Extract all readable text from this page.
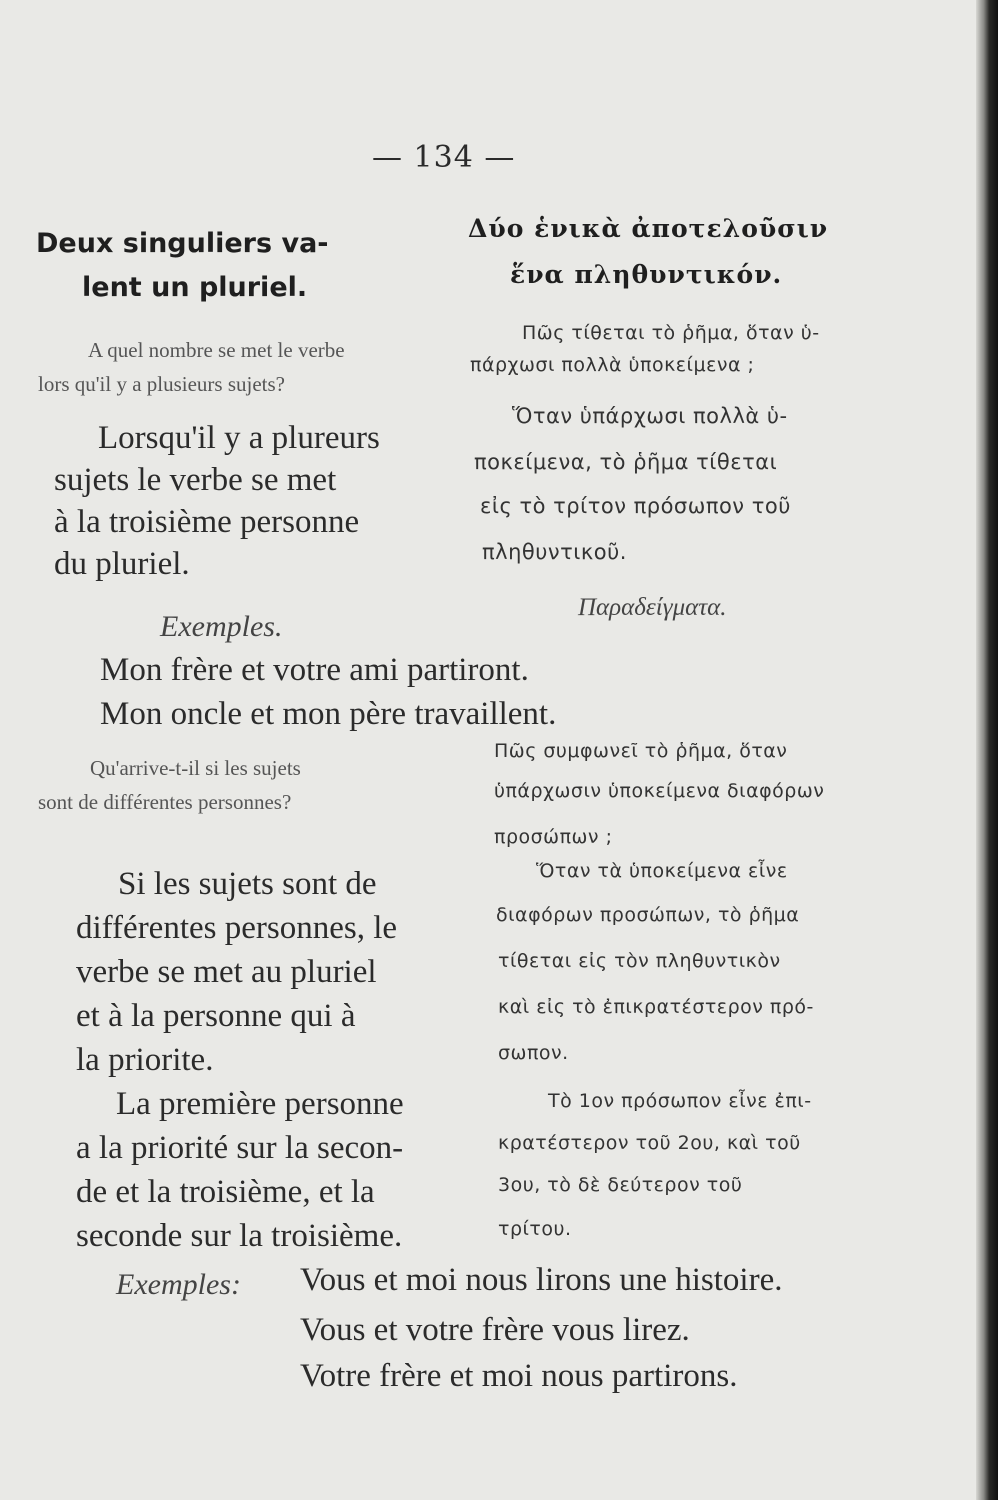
— 134 —
Deux singuliers va-
lent un pluriel.
Δύο ἑνικὰ ἀποτελοῦσιν
ἕνα πληθυντικόν.
A quel nombre se met le verbe
lors qu'il y a plusieurs sujets?
Πῶς τίθεται τὸ ῥῆμα, ὅταν ὑ-
πάρχωσι πολλὰ ὑποκείμενα ;
Lorsqu'il y a plureurs
sujets le verbe se met
à la troisième personne
du pluriel.
Ὅταν ὑπάρχωσι πολλὰ ὑ-
ποκείμενα, τὸ ῥῆμα τίθεται
εἰς τὸ τρίτον πρόσωπον τοῦ
πληθυντικοῦ.
Exemples.
Παραδείγματα.
Mon frère et votre ami partiront.
Mon oncle et mon père travaillent.
Qu'arrive-t-il si les sujets
sont de différentes personnes?
Πῶς συμφωνεῖ τὸ ῥῆμα, ὅταν
ὑπάρχωσιν ὑποκείμενα διαφόρων
προσώπων ;
Si les sujets sont de
différentes personnes, le
verbe se met au pluriel
et à la personne qui à
la priorite.
Ὅταν τὰ ὑποκείμενα εἶνε
διαφόρων προσώπων, τὸ ῥῆμα
τίθεται εἰς τὸν πληθυντικὸν
καὶ εἰς τὸ ἐπικρατέστερον πρό-
σωπον.
La première personne
a la priorité sur la secon-
de et la troisième, et la
seconde sur la troisième.
Τὸ 1ον πρόσωπον εἶνε ἐπι-
κρατέστερον τοῦ 2ου, καὶ τοῦ
3ου, τὸ δὲ δεύτερον τοῦ
τρίτου.
Exemples: Vous et moi nous lirons une histoire.
Vous et votre frère vous lirez.
Votre frère et moi nous partirons.
